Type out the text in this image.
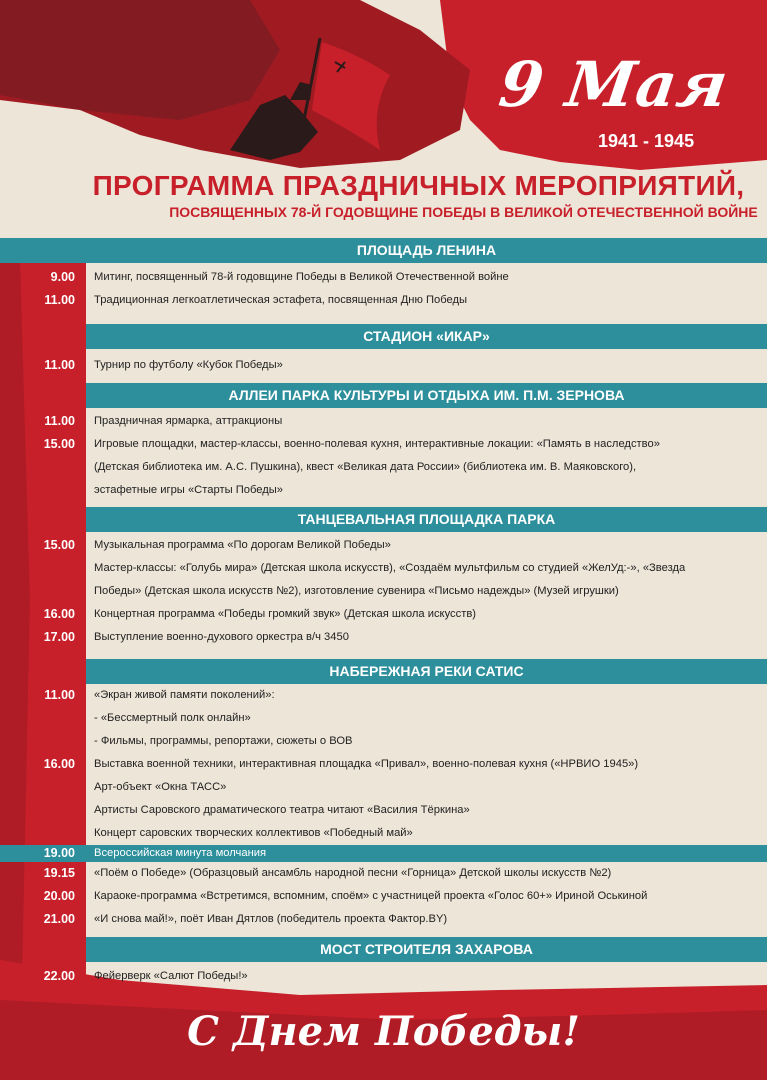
9 Мая
1941 - 1945
ПРОГРАММА ПРАЗДНИЧНЫХ МЕРОПРИЯТИЙ,
ПОСВЯЩЕННЫХ 78-Й ГОДОВЩИНЕ ПОБЕДЫ В ВЕЛИКОЙ ОТЕЧЕСТВЕННОЙ ВОЙНЕ
ПЛОЩАДЬ ЛЕНИНА
9.00 Митинг, посвященный 78-й годовщине Победы в Великой Отечественной войне
11.00 Традиционная легкоатлетическая эстафета, посвященная Дню Победы
СТАДИОН «ИКАР»
11.00 Турнир по футболу «Кубок Победы»
АЛЛЕИ ПАРКА КУЛЬТУРЫ И ОТДЫХА ИМ. П.М. ЗЕРНОВА
11.00 Праздничная ярмарка, аттракционы
15.00 Игровые площадки, мастер-классы, военно-полевая кухня, интерактивные локации: «Память в наследство»
(Детская библиотека им. А.С. Пушкина), квест «Великая дата России» (библиотека им. В. Маяковского),
эстафетные игры «Старты Победы»
ТАНЦЕВАЛЬНАЯ ПЛОЩАДКА ПАРКА
15.00 Музыкальная программа «По дорогам Великой Победы»
Мастер-классы: «Голубь мира» (Детская школа искусств), «Создаём мультфильм со студией «ЖелУд:-», «Звезда
Победы» (Детская школа искусств №2), изготовление сувенира «Письмо надежды» (Музей игрушки)
16.00 Концертная программа «Победы громкий звук» (Детская школа искусств)
17.00 Выступление военно-духового оркестра в/ч 3450
НАБЕРЕЖНАЯ РЕКИ САТИС
11.00 «Экран живой памяти поколений»:
- «Бессмертный полк онлайн»
- Фильмы, программы, репортажи, сюжеты о ВОВ
16.00 Выставка военной техники, интерактивная площадка «Привал», военно-полевая кухня («НРВИО 1945»)
Арт-объект «Окна ТАСС»
Артисты Саровского драматического театра читают «Василия Тёркина»
Концерт саровских творческих коллективов «Победный май»
19.00 Всероссийская минута молчания
19.15 «Поём о Победе» (Образцовый ансамбль народной песни «Горница» Детской школы искусств №2)
20.00 Караоке-программа «Встретимся, вспомним, споём» с участницей проекта «Голос 60+» Ириной Оськиной
21.00 «И снова май!», поёт Иван Дятлов (победитель проекта Фактор.BY)
МОСТ СТРОИТЕЛЯ ЗАХАРОВА
22.00 Фейерверк «Салют Победы!»
С Днем Победы!
